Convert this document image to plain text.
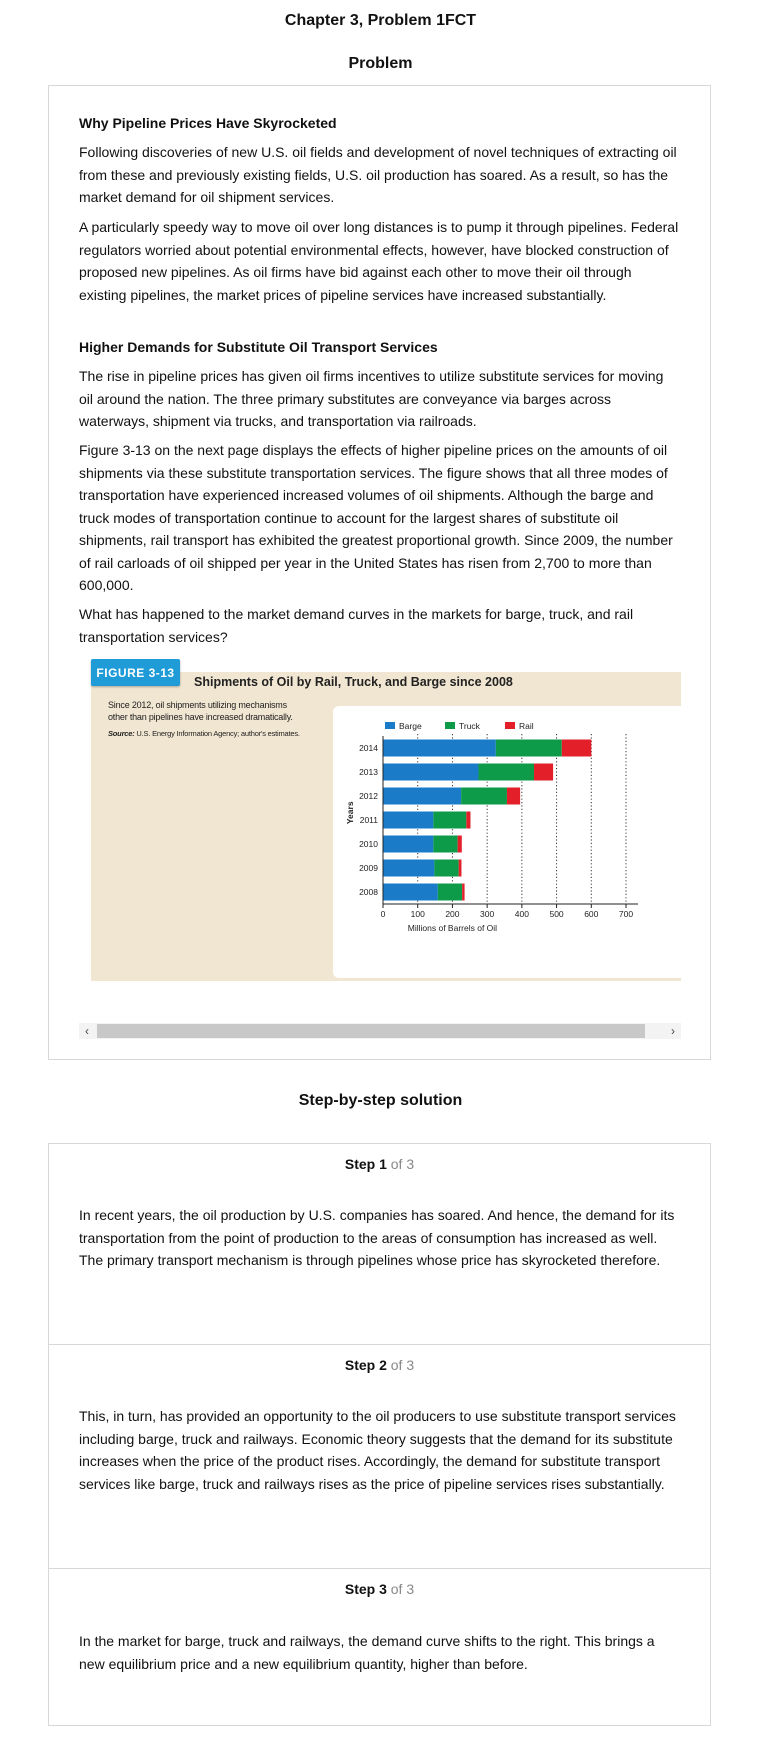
Chapter 3, Problem 1FCT
Problem
Why Pipeline Prices Have Skyrocketed

Following discoveries of new U.S. oil fields and development of novel techniques of extracting oil from these and previously existing fields, U.S. oil production has soared. As a result, so has the market demand for oil shipment services.

A particularly speedy way to move oil over long distances is to pump it through pipelines. Federal regulators worried about potential environmental effects, however, have blocked construction of proposed new pipelines. As oil firms have bid against each other to move their oil through existing pipelines, the market prices of pipeline services have increased substantially.

Higher Demands for Substitute Oil Transport Services

The rise in pipeline prices has given oil firms incentives to utilize substitute services for moving oil around the nation. The three primary substitutes are conveyance via barges across waterways, shipment via trucks, and transportation via railroads.

Figure 3-13 on the next page displays the effects of higher pipeline prices on the amounts of oil shipments via these substitute transportation services. The figure shows that all three modes of transportation have experienced increased volumes of oil shipments. Although the barge and truck modes of transportation continue to account for the largest shares of substitute oil shipments, rail transport has exhibited the greatest proportional growth. Since 2009, the number of rail carloads of oil shipped per year in the United States has risen from 2,700 to more than 600,000.

What has happened to the market demand curves in the markets for barge, truck, and rail transportation services?

FIGURE 3-13
Shipments of Oil by Rail, Truck, and Barge since 2008
Since 2012, oil shipments utilizing mechanisms other than pipelines have increased dramatically.
Source: U.S. Energy Information Agency; author's estimates.
Barge	Truck	Rail
2014
2013
2012
2011
2010
2009
2008
0	100 200 300 400 500 600 700
Millions of Barrels of Oil
Years
‹	›
Step-by-step solution
Step 1 of 3
In recent years, the oil production by U.S. companies has soared. And hence, the demand for its transportation from the point of production to the areas of consumption has increased as well. The primary transport mechanism is through pipelines whose price has skyrocketed therefore.
Step 2 of 3
This, in turn, has provided an opportunity to the oil producers to use substitute transport services including barge, truck and railways. Economic theory suggests that the demand for its substitute increases when the price of the product rises. Accordingly, the demand for substitute transport services like barge, truck and railways rises as the price of pipeline services rises substantially.
Step 3 of 3
In the market for barge, truck and railways, the demand curve shifts to the right. This brings a new equilibrium price and a new equilibrium quantity, higher than before.
